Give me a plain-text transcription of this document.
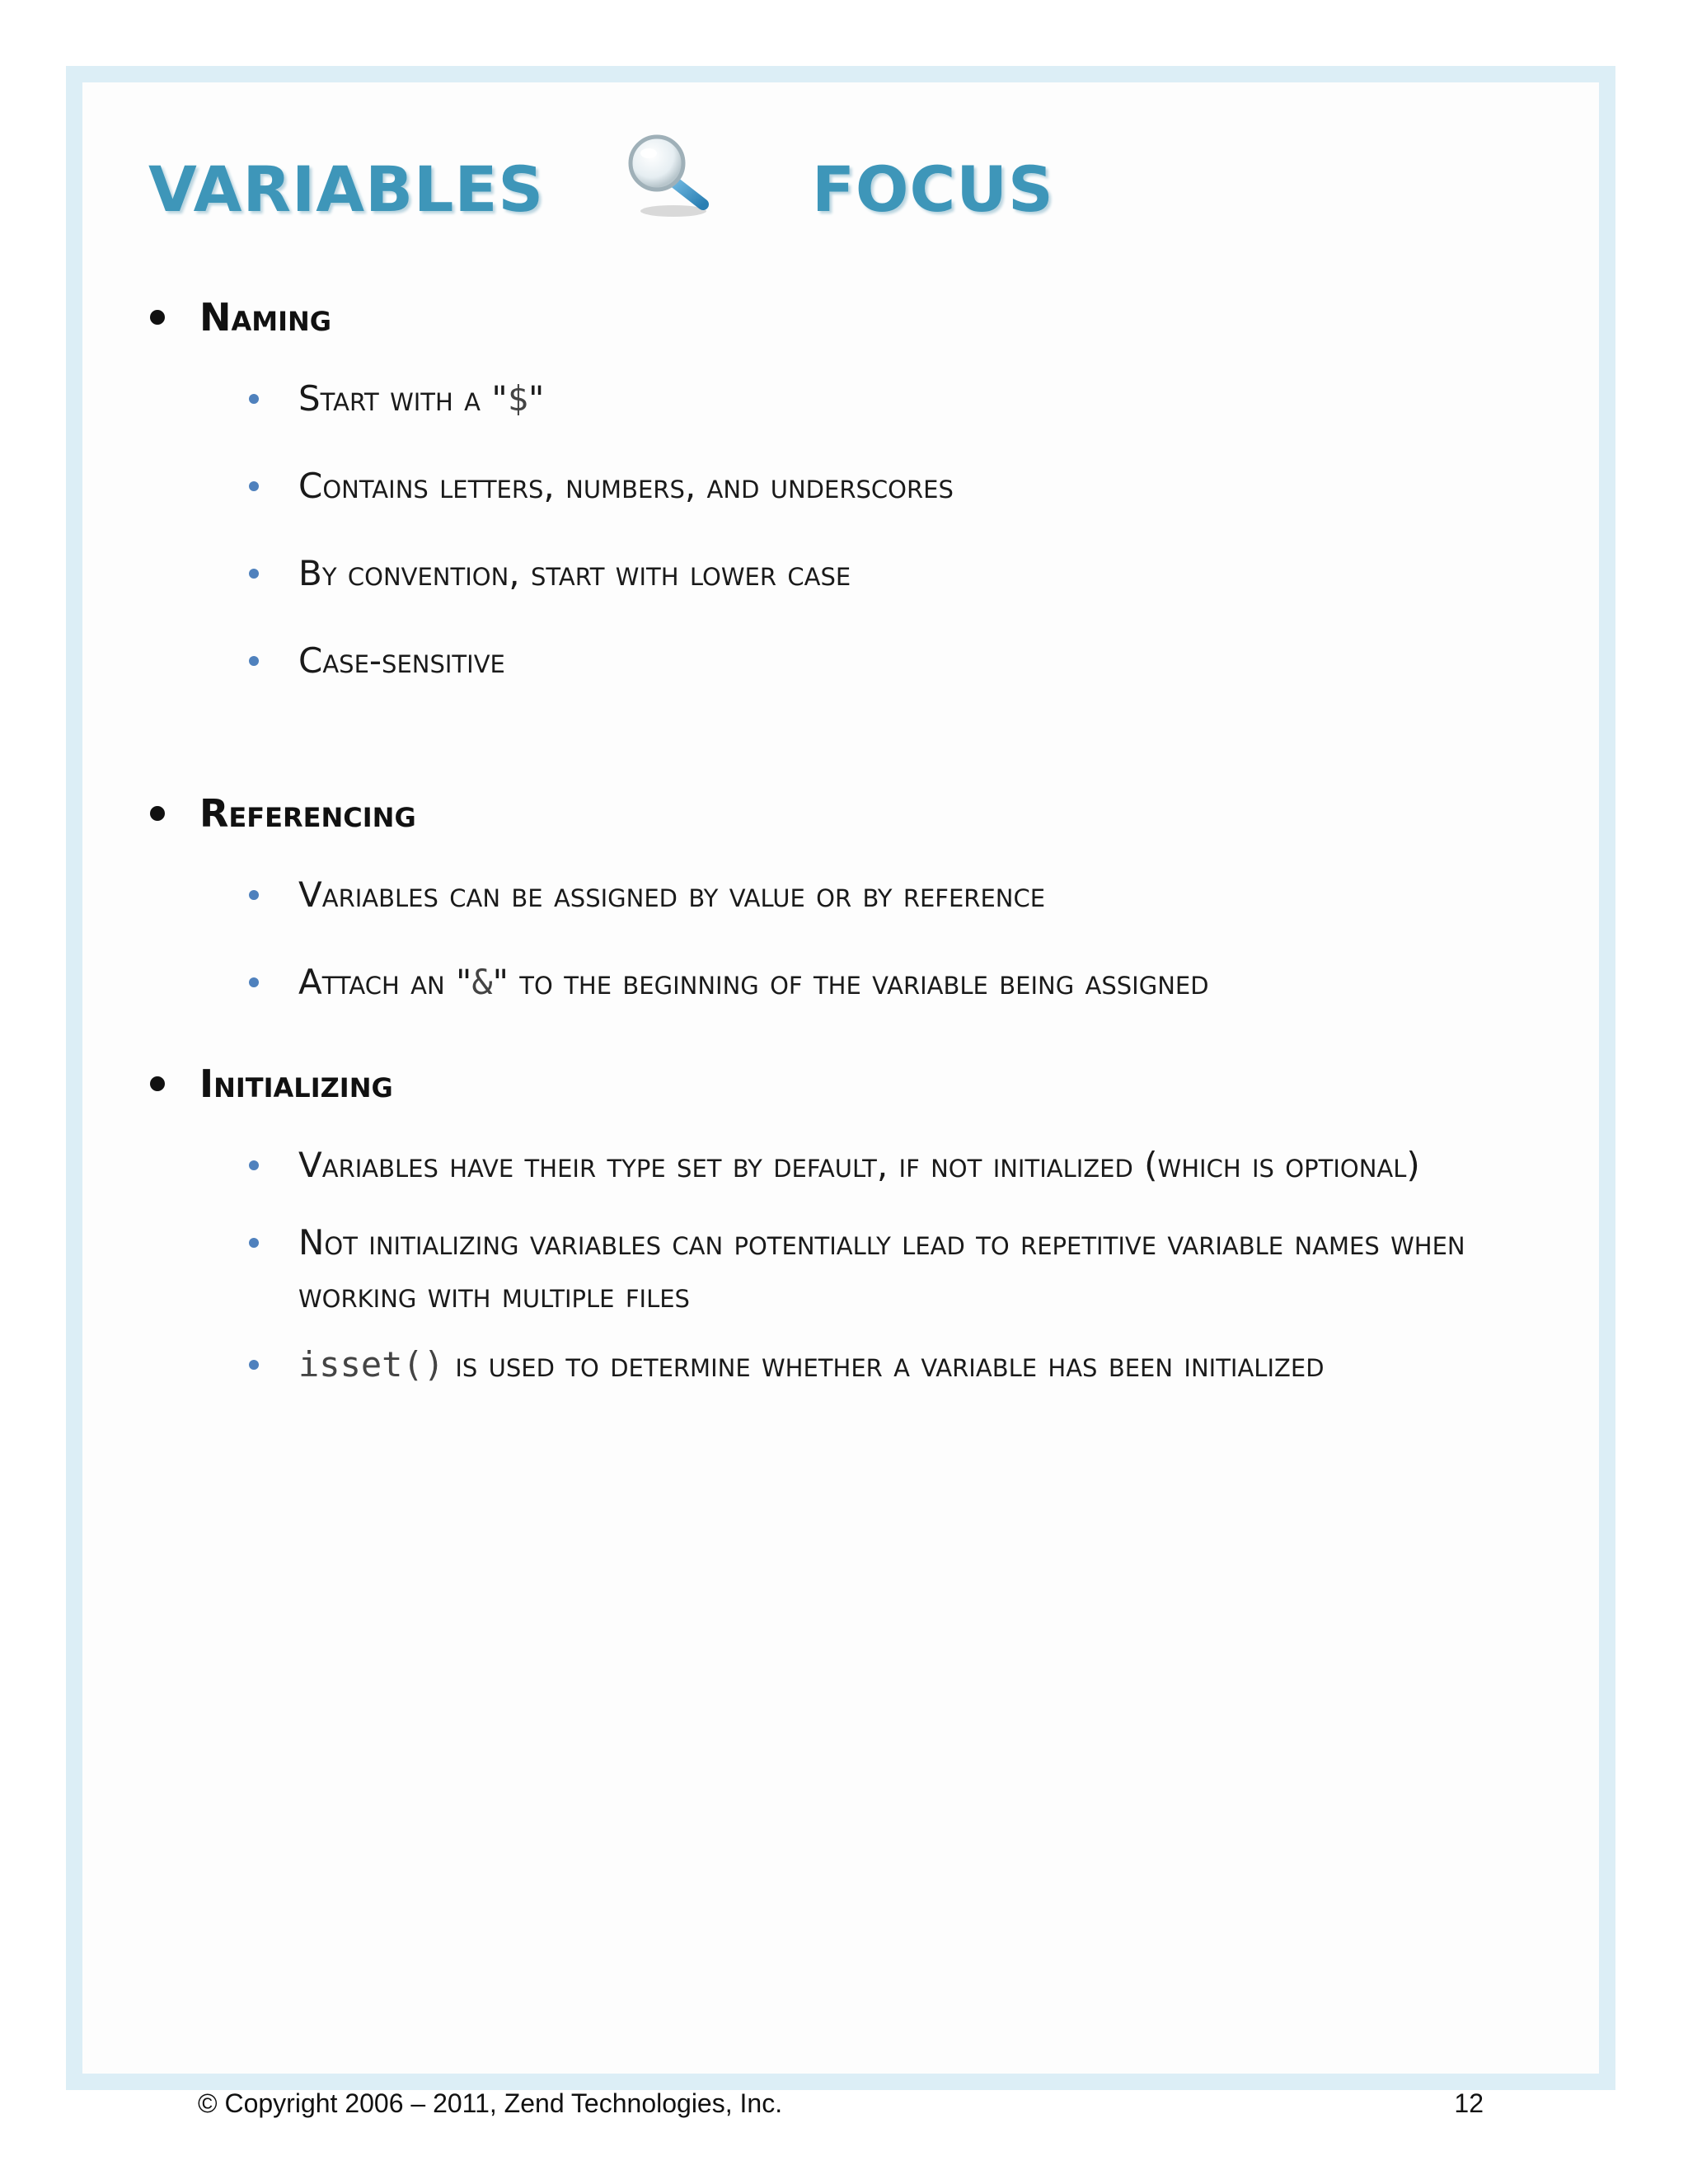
VARIABLES	FOCUS
Naming
Start with a "$"
Contains letters, numbers, and underscores
By convention, start with lower case
Case-sensitive
Referencing
Variables can be assigned by value or by reference
Attach an "&" to the beginning of the variable being assigned
Initializing
Variables have their type set by default, if not initialized (which is optional)
Not initializing variables can potentially lead to repetitive variable names when working with multiple files
isset() is used to determine whether a variable has been initialized
© Copyright 2006 – 2011, Zend Technologies, Inc.	12
